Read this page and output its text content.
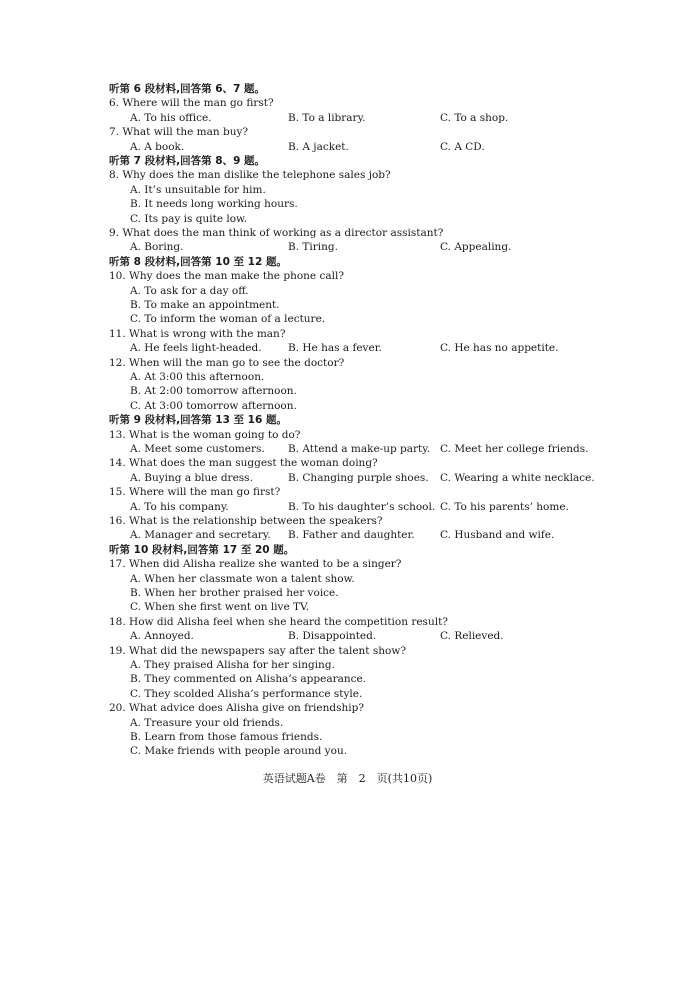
听第 6 段材料,回答第 6、7 题。
6. Where will the man go first?
A. To his office.	B. To a library.	C. To a shop.
7. What will the man buy?
A. A book.	B. A jacket.	C. A CD.
听第 7 段材料,回答第 8、9 题。
8. Why does the man dislike the telephone sales job?
A. It’s unsuitable for him.
B. It needs long working hours.
C. Its pay is quite low.
9. What does the man think of working as a director assistant?
A. Boring.	B. Tiring.	C. Appealing.
听第 8 段材料,回答第 10 至 12 题。
10. Why does the man make the phone call?
A. To ask for a day off.
B. To make an appointment.
C. To inform the woman of a lecture.
11. What is wrong with the man?
A. He feels light-headed.	B. He has a fever.	C. He has no appetite.
12. When will the man go to see the doctor?
A. At 3:00 this afternoon.
B. At 2:00 tomorrow afternoon.
C. At 3:00 tomorrow afternoon.
听第 9 段材料,回答第 13 至 16 题。
13. What is the woman going to do?
A. Meet some customers. B. Attend a make-up party. C. Meet her college friends.
14. What does the man suggest the woman doing?
A. Buying a blue dress.	B. Changing purple shoes. C. Wearing a white necklace.
15. Where will the man go first?
A. To his company.	B. To his daughter’s school. C. To his parents’ home.
16. What is the relationship between the speakers?
A. Manager and secretary. B. Father and daughter. C. Husband and wife.
听第 10 段材料,回答第 17 至 20 题。
17. When did Alisha realize she wanted to be a singer?
A. When her classmate won a talent show.
B. When her brother praised her voice.
C. When she first went on live TV.
18. How did Alisha feel when she heard the competition result?
A. Annoyed.	B. Disappointed.	C. Relieved.
19. What did the newspapers say after the talent show?
A. They praised Alisha for her singing.
B. They commented on Alisha’s appearance.
C. They scolded Alisha’s performance style.
20. What advice does Alisha give on friendship?
A. Treasure your old friends.
B. Learn from those famous friends.
C. Make friends with people around you.
英语试题A卷　第　2　页(共10页)
